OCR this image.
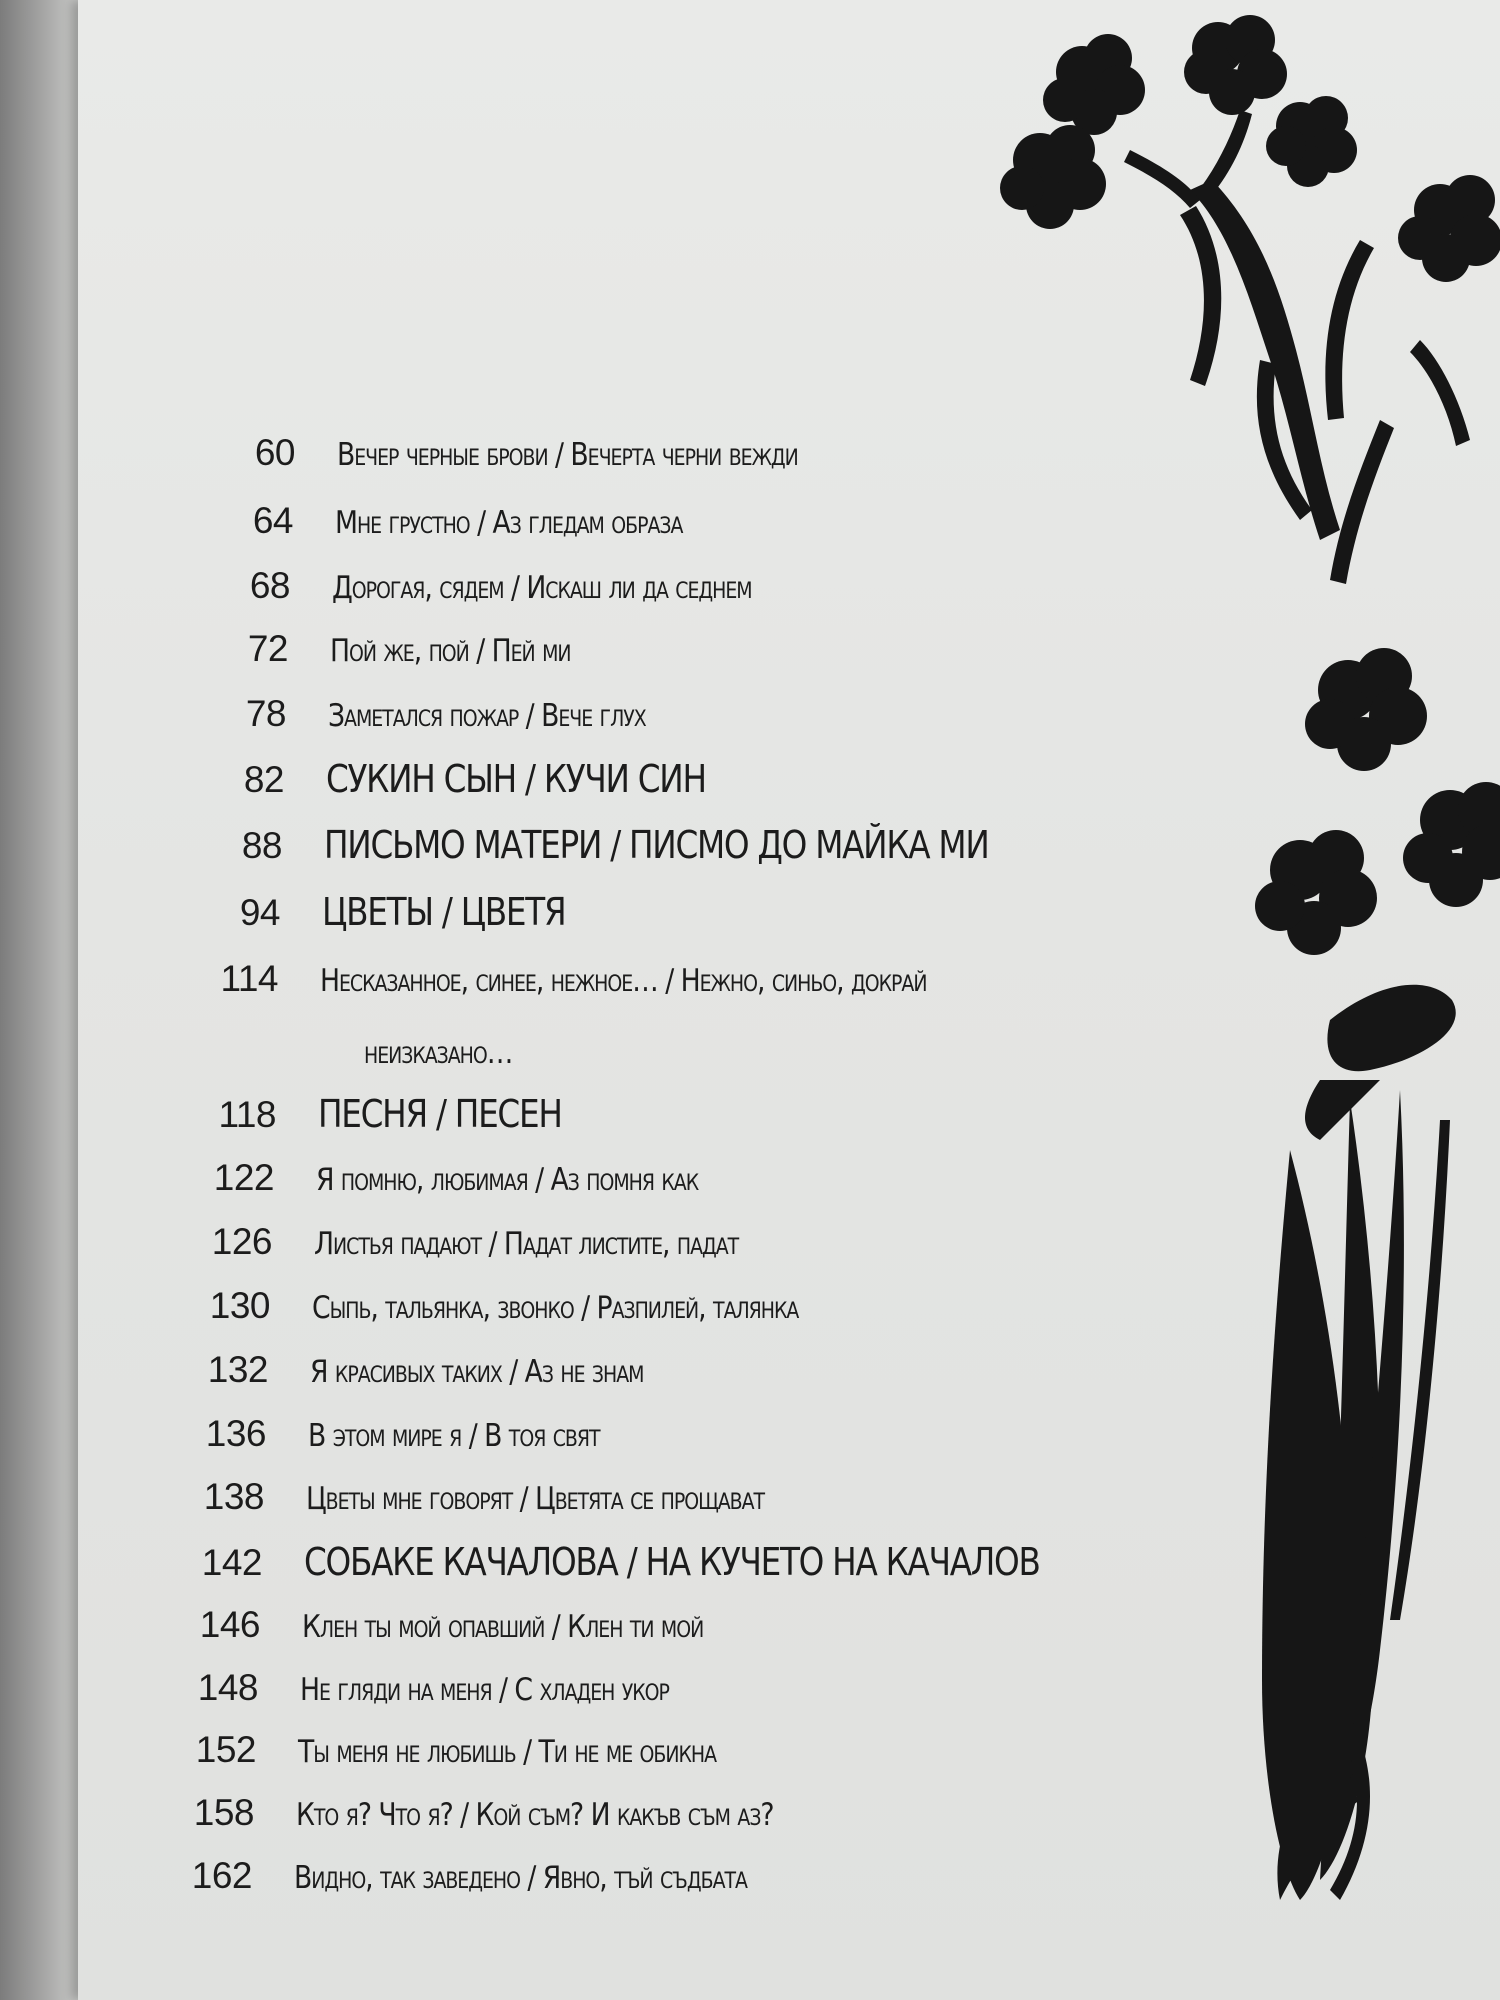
60 Вечер черные брови / Вечерта черни вежди
64 Мне грустно / Аз гледам образа
68 Дорогая, сядем / Искаш ли да седнем
72 Пой же, пой / Пей ми
78 Заметался пожар / Вече глух
82 СУКИН СЫН / КУЧИ СИН
88 ПИСЬМО МАТЕРИ / ПИСМО ДО МАЙКА МИ
94 ЦВЕТЫ / ЦВЕТЯ
114 Несказанное, синее, нежное… / Нежно, синьо, докрай
неизказано…
118 ПЕСНЯ / ПЕСЕН
122 Я помню, любимая / Аз помня как
126 Листья падают / Падат листите, падат
130 Сыпь, тальянка, звонко / Разпилей, талянка
132 Я красивых таких / Аз не знам
136 В этом мире я / В тоя свят
138 Цветы мне говорят / Цветята се прощават
142 СОБАКЕ КАЧАЛОВА / НА КУЧЕТО НА КАЧАЛОВ
146 Клен ты мой опавший / Клен ти мой
148 Не гляди на меня / С хладен укор
152 Ты меня не любишь / Ти не ме обикна
158 Кто я? Что я? / Кой съм? И какъв съм аз?
162 Видно, так заведено / Явно, тъй съдбата
